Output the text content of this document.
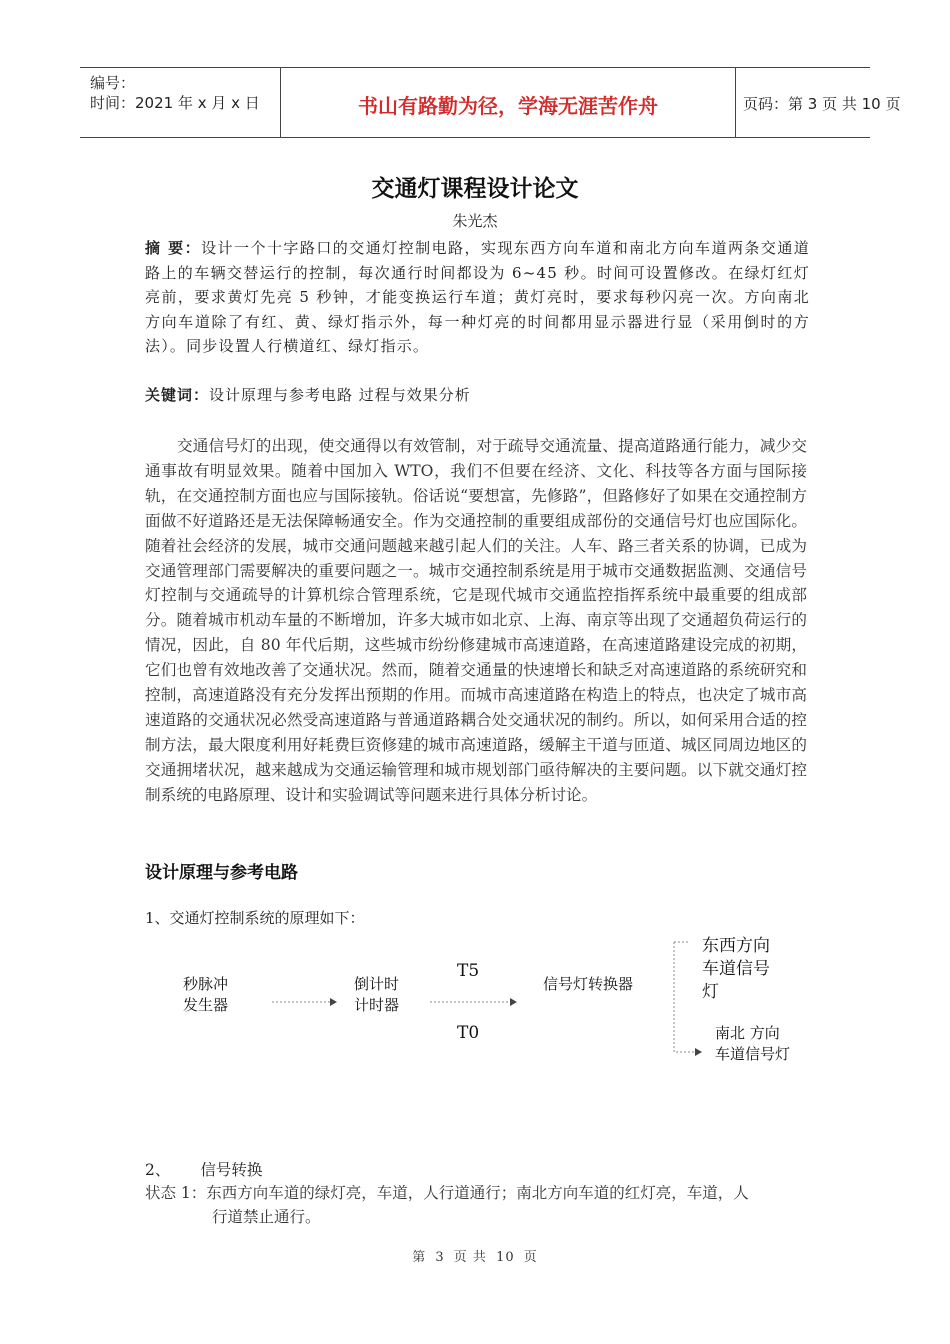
编号：
时间：2021 年 x 月 x 日	书山有路勤为径，学海无涯苦作舟	页码：第 3 页 共 10 页
交通灯课程设计论文
朱光杰
摘 要：设计一个十字路口的交通灯控制电路，实现东西方向车道和南北方向车道两条交通道路上的车辆交替运行的控制，每次通行时间都设为 6~45 秒。时间可设置修改。在绿灯红灯亮前，要求黄灯先亮 5 秒钟，才能变换运行车道；黄灯亮时，要求每秒闪亮一次。方向南北方向车道除了有红、黄、绿灯指示外，每一种灯亮的时间都用显示器进行显（采用倒时的方法）。同步设置人行横道红、绿灯指示。
关键词：设计原理与参考电路 过程与效果分析
交通信号灯的出现，使交通得以有效管制，对于疏导交通流量、提高道路通行能力，减少交通事故有明显效果。随着中国加入 WTO，我们不但要在经济、文化、科技等各方面与国际接轨，在交通控制方面也应与国际接轨。俗话说“要想富，先修路”，但路修好了如果在交通控制方面做不好道路还是无法保障畅通安全。作为交通控制的重要组成部份的交通信号灯也应国际化。随着社会经济的发展，城市交通问题越来越引起人们的关注。人车、路三者关系的协调，已成为交通管理部门需要解决的重要问题之一。城市交通控制系统是用于城市交通数据监测、交通信号灯控制与交通疏导的计算机综合管理系统，它是现代城市交通监控指挥系统中最重要的组成部分。随着城市机动车量的不断增加，许多大城市如北京、上海、南京等出现了交通超负荷运行的情况，因此，自 80 年代后期，这些城市纷纷修建城市高速道路，在高速道路建设完成的初期，它们也曾有效地改善了交通状况。然而，随着交通量的快速增长和缺乏对高速道路的系统研究和控制，高速道路没有充分发挥出预期的作用。而城市高速道路在构造上的特点，也决定了城市高速道路的交通状况必然受高速道路与普通道路耦合处交通状况的制约。所以，如何采用合适的控制方法，最大限度利用好耗费巨资修建的城市高速道路，缓解主干道与匝道、城区同周边地区的交通拥堵状况，越来越成为交通运输管理和城市规划部门亟待解决的主要问题。以下就交通灯控制系统的电路原理、设计和实验调试等问题来进行具体分析讨论。
设计原理与参考电路
1、交通灯控制系统的原理如下：
秒脉冲
发生器
倒计时
计时器
T5
T0
信号灯转换器
东西方向
车道信号
灯
南北 方向
车道信号灯
2、 信号转换
状态 1：东西方向车道的绿灯亮，车道，人行道通行；南北方向车道的红灯亮，车道，人
行道禁止通行。
第 3 页 共 10 页
